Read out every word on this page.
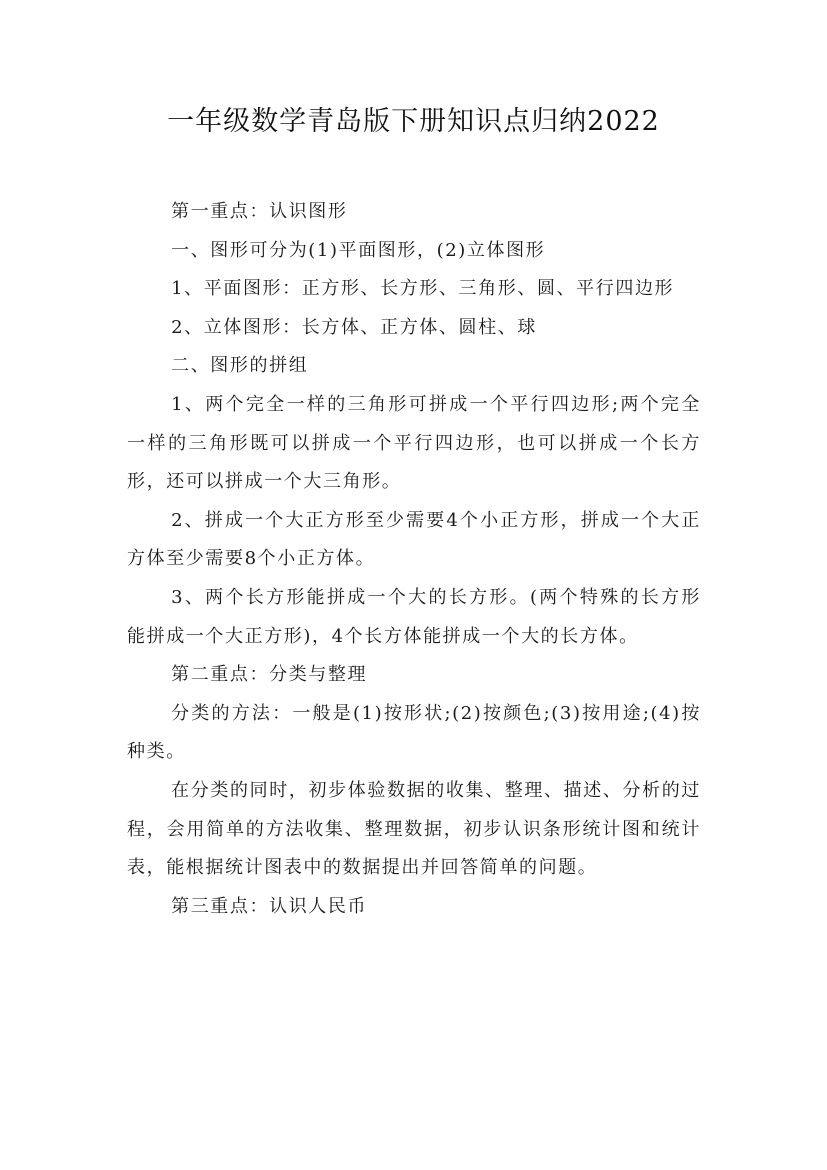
一年级数学青岛版下册知识点归纳2022

第一重点：认识图形

一、图形可分为(1)平面图形，(2)立体图形

1、平面图形：正方形、长方形、三角形、圆、平行四边形

2、立体图形：长方体、正方体、圆柱、球

二、图形的拼组

1、两个完全一样的三角形可拼成一个平行四边形;两个完全一样的三角形既可以拼成一个平行四边形，也可以拼成一个长方形，还可以拼成一个大三角形。

2、拼成一个大正方形至少需要4个小正方形，拼成一个大正方体至少需要8个小正方体。

3、两个长方形能拼成一个大的长方形。(两个特殊的长方形能拼成一个大正方形)，4个长方体能拼成一个大的长方体。

第二重点：分类与整理

分类的方法：一般是(1)按形状;(2)按颜色;(3)按用途;(4)按种类。

在分类的同时，初步体验数据的收集、整理、描述、分析的过程，会用简单的方法收集、整理数据，初步认识条形统计图和统计表，能根据统计图表中的数据提出并回答简单的问题。

第三重点：认识人民币
